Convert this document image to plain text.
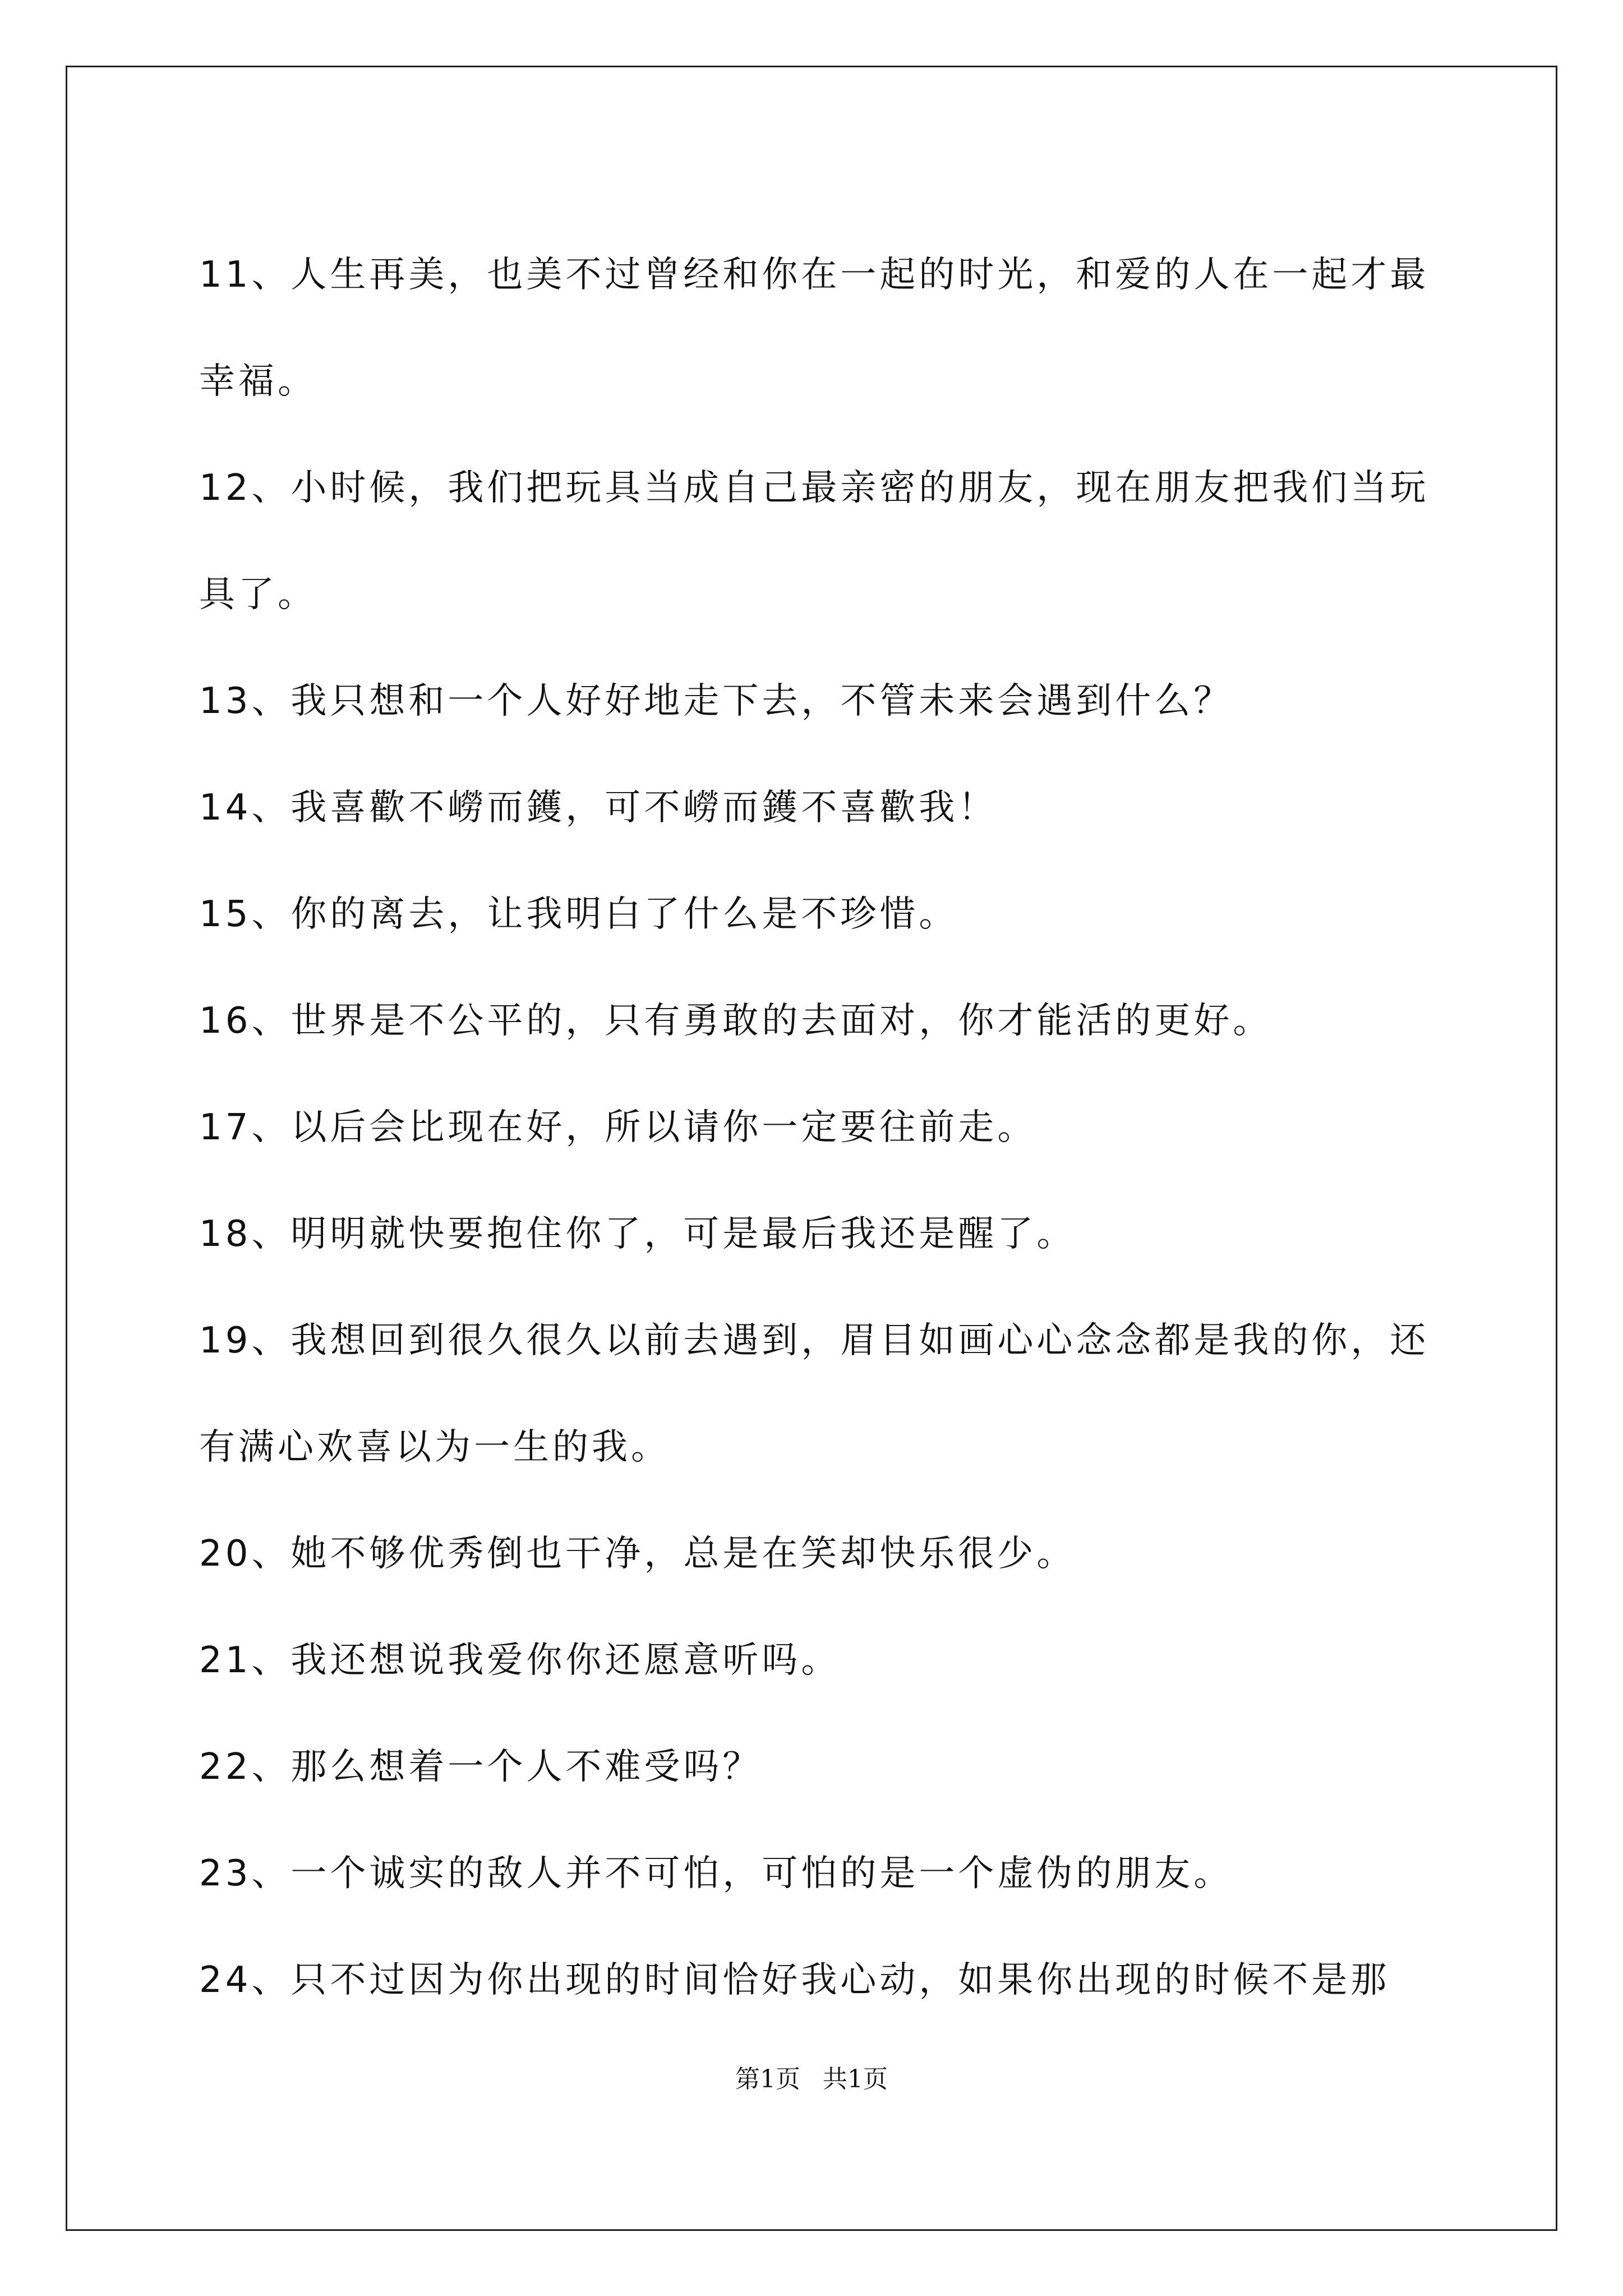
11、人生再美，也美不过曾经和你在一起的时光，和爱的人在一起才最幸福。

12、小时候，我们把玩具当成自己最亲密的朋友，现在朋友把我们当玩具了。

13、我只想和一个人好好地走下去，不管未来会遇到什么？

14、我喜歡不嶗而鑊，可不嶗而鑊不喜歡我！

15、你的离去，让我明白了什么是不珍惜。

16、世界是不公平的，只有勇敢的去面对，你才能活的更好。

17、以后会比现在好，所以请你一定要往前走。

18、明明就快要抱住你了，可是最后我还是醒了。

19、我想回到很久很久以前去遇到，眉目如画心心念念都是我的你，还有满心欢喜以为一生的我。

20、她不够优秀倒也干净，总是在笑却快乐很少。

21、我还想说我爱你你还愿意听吗。

22、那么想着一个人不难受吗？

23、一个诚实的敌人并不可怕，可怕的是一个虚伪的朋友。

24、只不过因为你出现的时间恰好我心动，如果你出现的时候不是那

第1页 共1页
